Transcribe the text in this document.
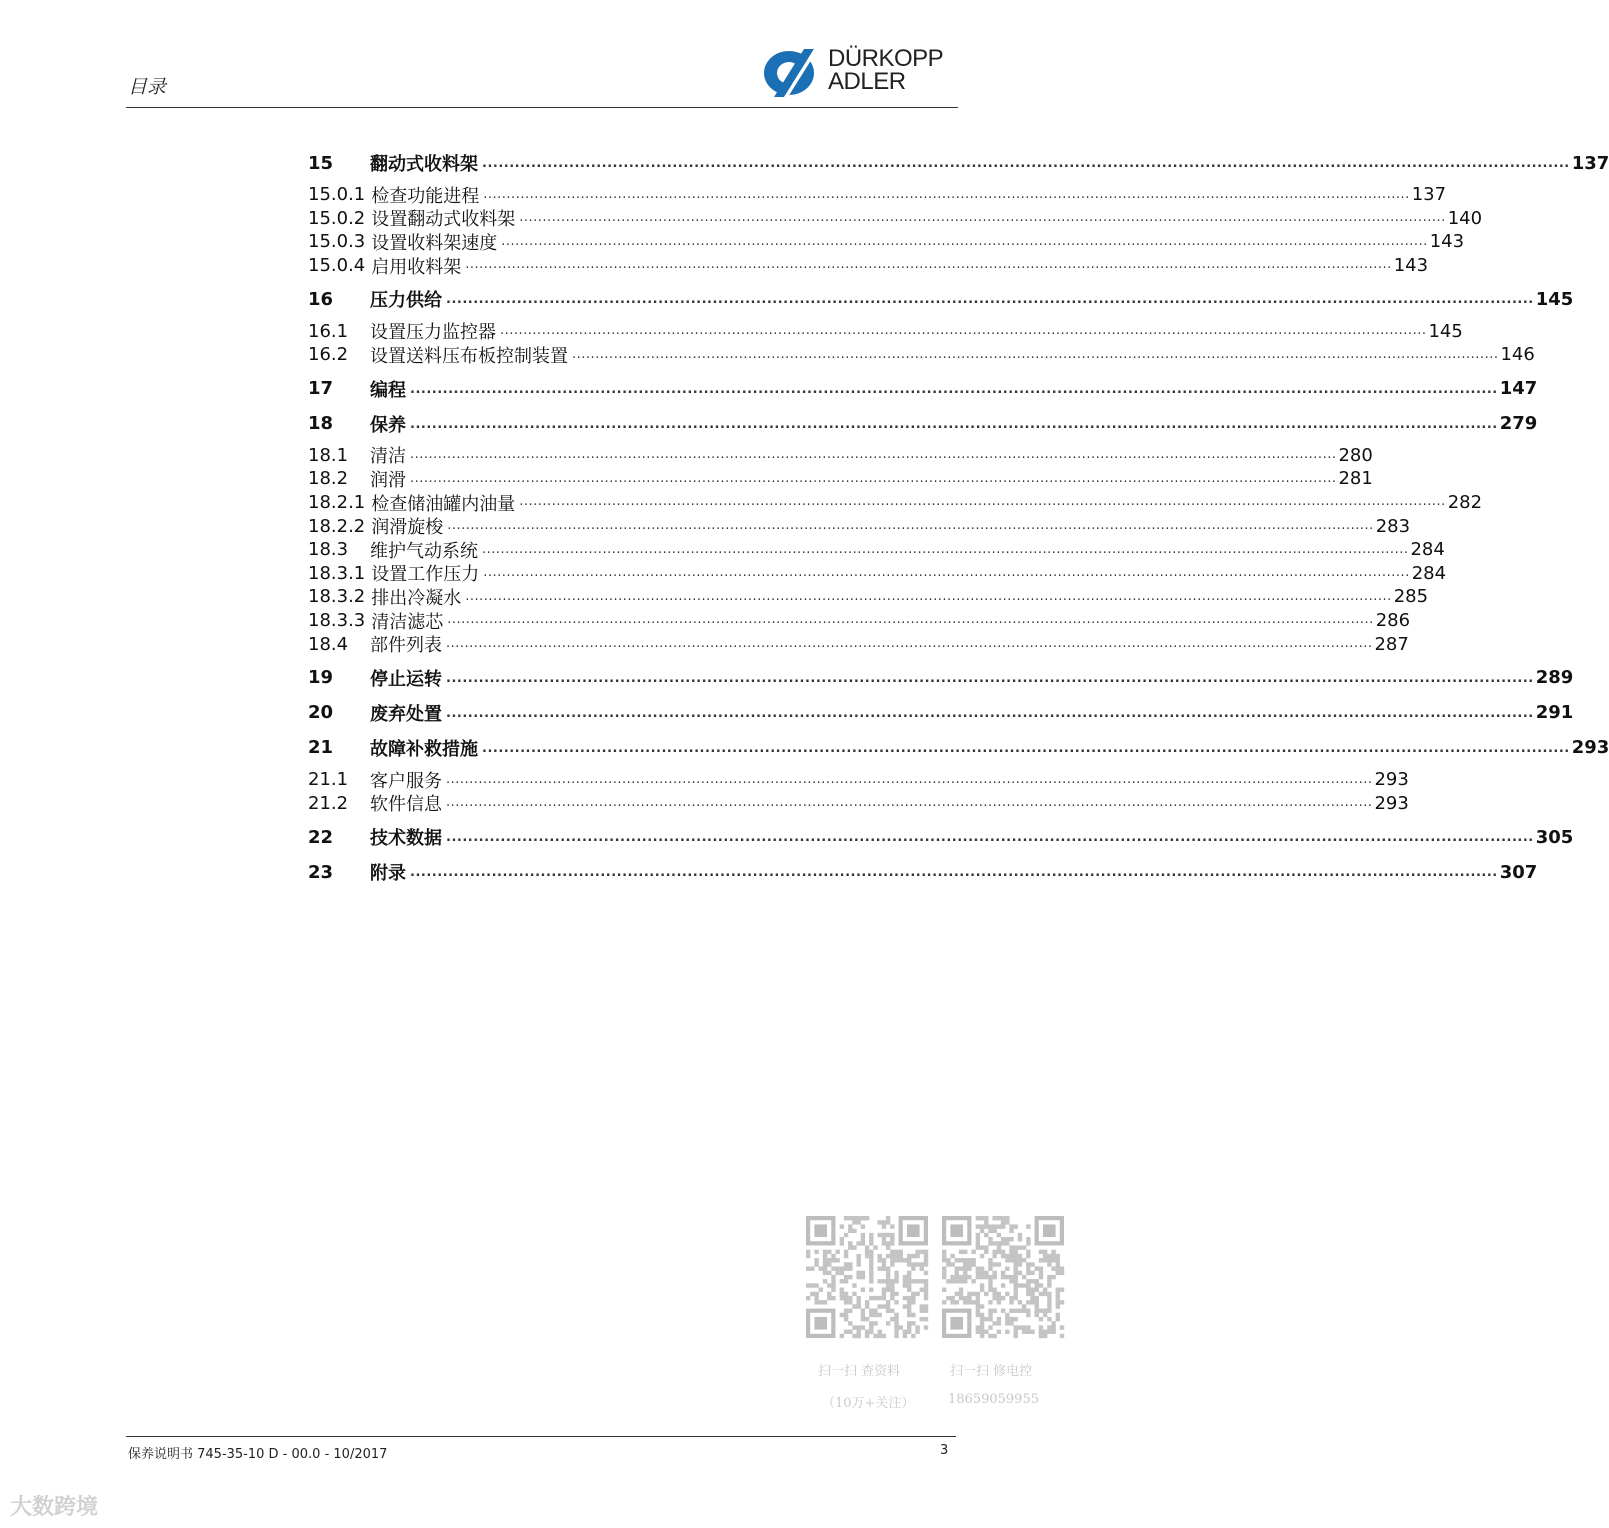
目录
DÜRKOPP
ADLER
15	翻动式收料架 ........................................................................................................................................................................................................ 137
15.0.1 检查功能进程 ........................................................................................................................................................................................................ 137
15.0.2 设置翻动式收料架 ........................................................................................................................................................................................................ 140
15.0.3 设置收料架速度 ........................................................................................................................................................................................................ 143
15.0.4 启用收料架 ........................................................................................................................................................................................................ 143
16	压力供给 ........................................................................................................................................................................................................ 145
16.1	设置压力监控器 ........................................................................................................................................................................................................ 145
16.2	设置送料压布板控制装置 ........................................................................................................................................................................................................ 146
17	编程 ........................................................................................................................................................................................................ 147
18	保养 ........................................................................................................................................................................................................ 279
18.1	清洁 ........................................................................................................................................................................................................ 280
18.2	润滑 ........................................................................................................................................................................................................ 281
18.2.1 检查储油罐内油量 ........................................................................................................................................................................................................ 282
18.2.2 润滑旋梭 ........................................................................................................................................................................................................ 283
18.3	维护气动系统 ........................................................................................................................................................................................................ 284
18.3.1 设置工作压力 ........................................................................................................................................................................................................ 284
18.3.2 排出冷凝水 ........................................................................................................................................................................................................ 285
18.3.3 清洁滤芯 ........................................................................................................................................................................................................ 286
18.4	部件列表 ........................................................................................................................................................................................................ 287
19	停止运转 ........................................................................................................................................................................................................ 289
20	废弃处置 ........................................................................................................................................................................................................ 291
21	故障补救措施 ........................................................................................................................................................................................................ 293
21.1	客户服务 ........................................................................................................................................................................................................ 293
21.2	软件信息 ........................................................................................................................................................................................................ 293
22	技术数据 ........................................................................................................................................................................................................ 305
23	附录 ........................................................................................................................................................................................................ 307
扫一扫 查资料
（10万+关注）
扫一扫 修电控
18659059955
保养说明书 745-35-10 D - 00.0 - 10/2017	3
大数跨境
